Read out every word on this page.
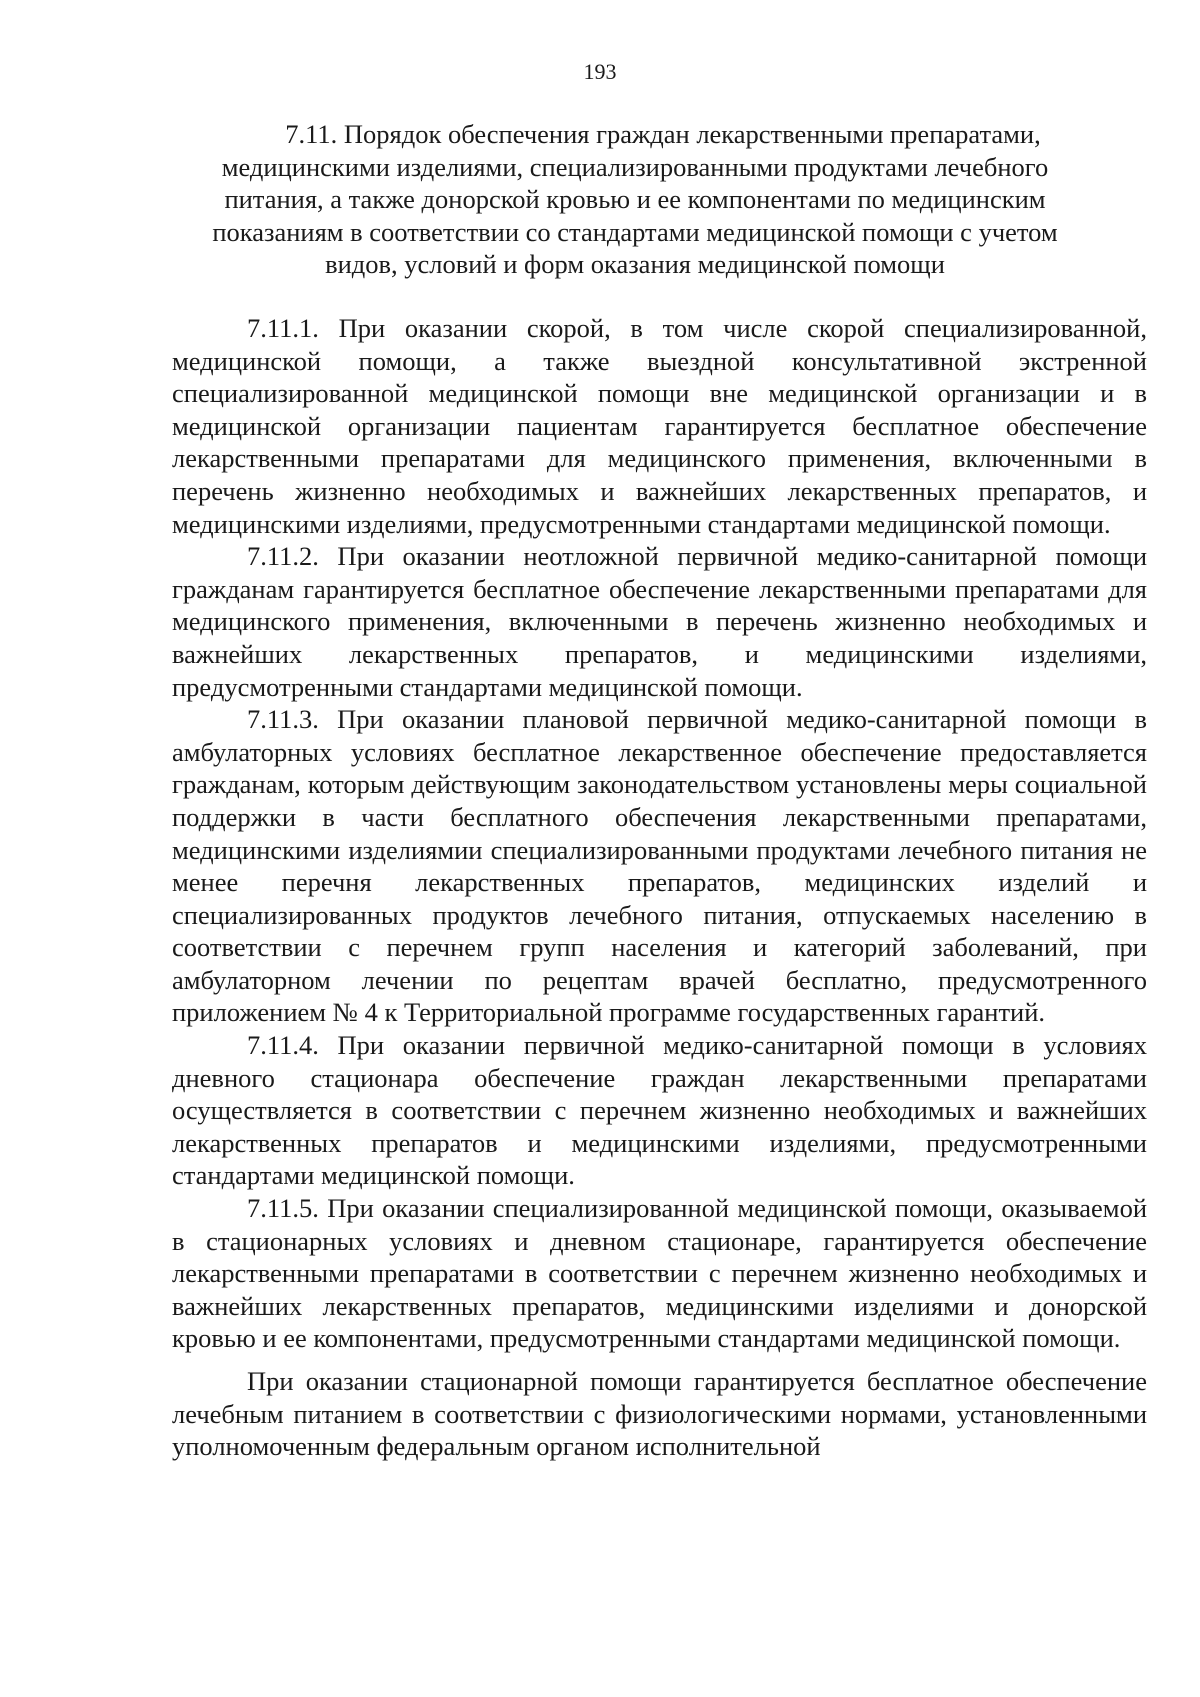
193
7.11. Порядок обеспечения граждан лекарственными препаратами, медицинскими изделиями, специализированными продуктами лечебного питания, а также донорской кровью и ее компонентами по медицинским показаниям в соответствии со стандартами медицинской помощи с учетом видов, условий и форм оказания медицинской помощи

7.11.1. При оказании скорой, в том числе скорой специализированной, медицинской помощи, а также выездной консультативной экстренной специализированной медицинской помощи вне медицинской организации и в медицинской организации пациентам гарантируется бесплатное обеспечение лекарственными препаратами для медицинского применения, включенными в перечень жизненно необходимых и важнейших лекарственных препаратов, и медицинскими изделиями, предусмотренными стандартами медицинской помощи.

7.11.2. При оказании неотложной первичной медико-санитарной помощи гражданам гарантируется бесплатное обеспечение лекарственными препаратами для медицинского применения, включенными в перечень жизненно необходимых и важнейших лекарственных препаратов, и медицинскими изделиями, предусмотренными стандартами медицинской помощи.

7.11.3. При оказании плановой первичной медико-санитарной помощи в амбулаторных условиях бесплатное лекарственное обеспечение предоставляется гражданам, которым действующим законодательством установлены меры социальной поддержки в части бесплатного обеспечения лекарственными препаратами, медицинскими изделиямии специализированными продуктами лечебного питания не менее перечня лекарственных препаратов, медицинских изделий и специализированных продуктов лечебного питания, отпускаемых населению в соответствии с перечнем групп населения и категорий заболеваний, при амбулаторном лечении по рецептам врачей бесплатно, предусмотренного приложением № 4 к Территориальной программе государственных гарантий.

7.11.4. При оказании первичной медико-санитарной помощи в условиях дневного стационара обеспечение граждан лекарственными препаратами осуществляется в соответствии с перечнем жизненно необходимых и важнейших лекарственных препаратов и медицинскими изделиями, предусмотренными стандартами медицинской помощи.

7.11.5. При оказании специализированной медицинской помощи, оказываемой в стационарных условиях и дневном стационаре, гарантируется обеспечение лекарственными препаратами в соответствии с перечнем жизненно необходимых и важнейших лекарственных препаратов, медицинскими изделиями и донорской кровью и ее компонентами, предусмотренными стандартами медицинской помощи.

При оказании стационарной помощи гарантируется бесплатное обеспечение лечебным питанием в соответствии с физиологическими нормами, установленными уполномоченным федеральным органом исполнительной
